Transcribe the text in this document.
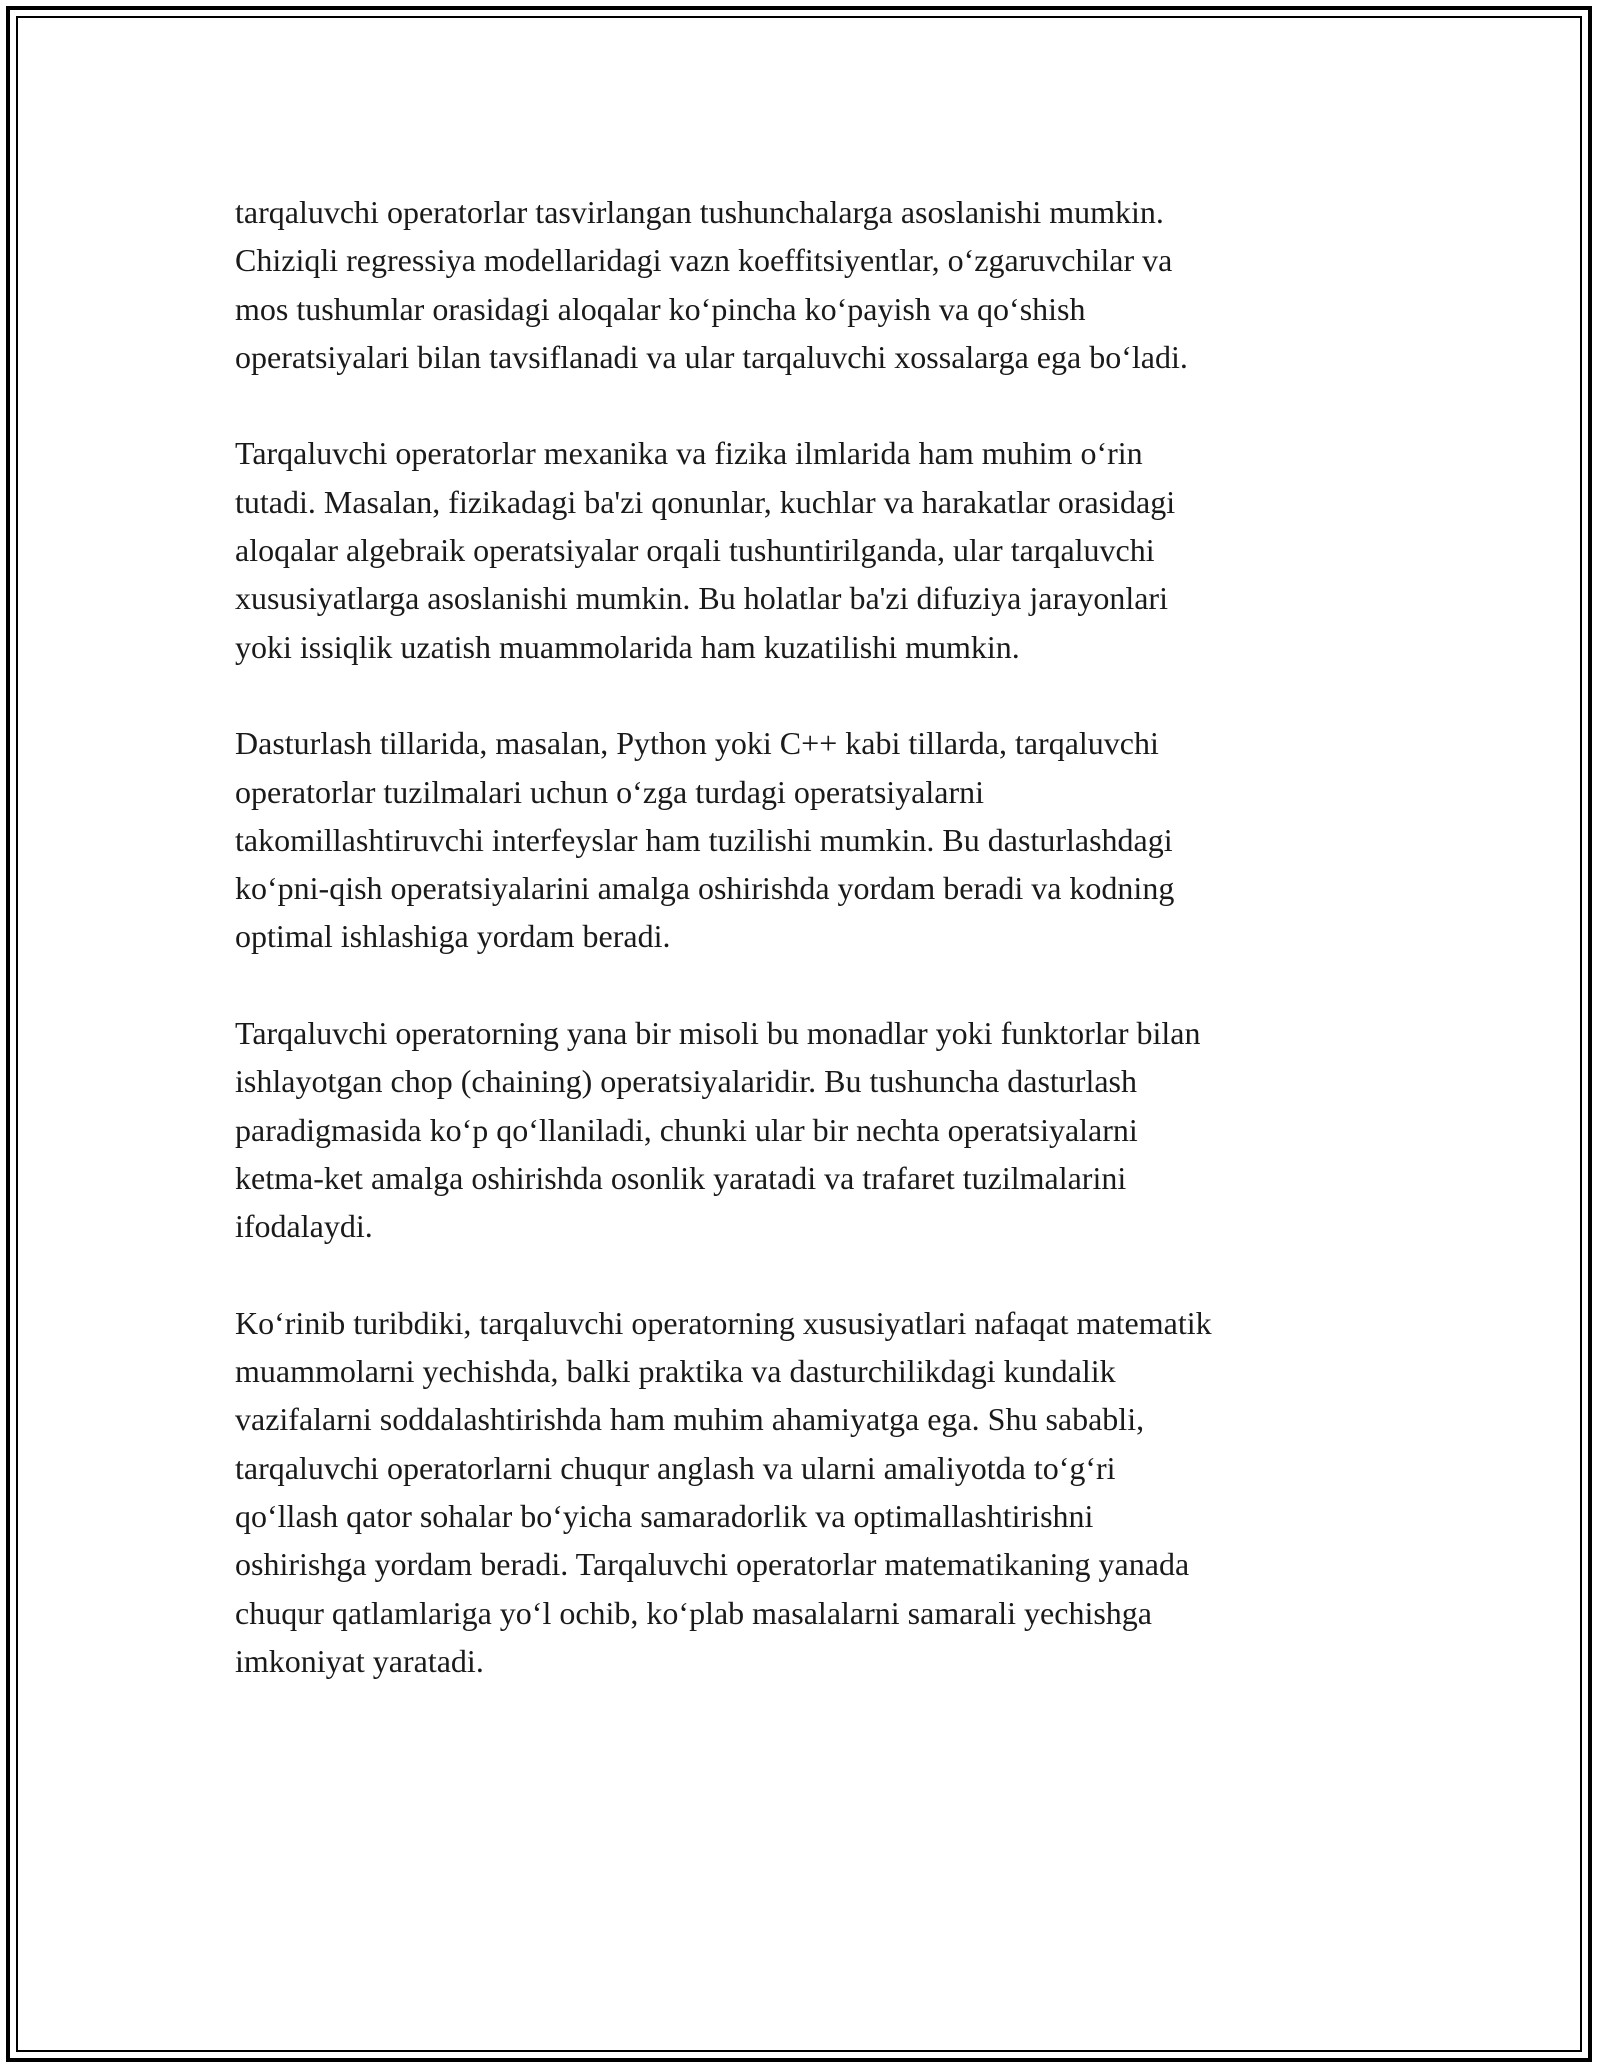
tarqaluvchi operatorlar tasvirlangan tushunchalarga asoslanishi mumkin.
Chiziqli regressiya modellaridagi vazn koeffitsiyentlar, o‘zgaruvchilar va
mos tushumlar orasidagi aloqalar ko‘pincha ko‘payish va qo‘shish
operatsiyalari bilan tavsiflanadi va ular tarqaluvchi xossalarga ega bo‘ladi.

Tarqaluvchi operatorlar mexanika va fizika ilmlarida ham muhim o‘rin
tutadi. Masalan, fizikadagi ba'zi qonunlar, kuchlar va harakatlar orasidagi
aloqalar algebraik operatsiyalar orqali tushuntirilganda, ular tarqaluvchi
xususiyatlarga asoslanishi mumkin. Bu holatlar ba'zi difuziya jarayonlari
yoki issiqlik uzatish muammolarida ham kuzatilishi mumkin.

Dasturlash tillarida, masalan, Python yoki C++ kabi tillarda, tarqaluvchi
operatorlar tuzilmalari uchun o‘zga turdagi operatsiyalarni
takomillashtiruvchi interfeyslar ham tuzilishi mumkin. Bu dasturlashdagi
ko‘pni-qish operatsiyalarini amalga oshirishda yordam beradi va kodning
optimal ishlashiga yordam beradi.

Tarqaluvchi operatorning yana bir misoli bu monadlar yoki funktorlar bilan
ishlayotgan chop (chaining) operatsiyalaridir. Bu tushuncha dasturlash
paradigmasida ko‘p qo‘llaniladi, chunki ular bir nechta operatsiyalarni
ketma-ket amalga oshirishda osonlik yaratadi va trafaret tuzilmalarini
ifodalaydi.

Ko‘rinib turibdiki, tarqaluvchi operatorning xususiyatlari nafaqat matematik
muammolarni yechishda, balki praktika va dasturchilikdagi kundalik
vazifalarni soddalashtirishda ham muhim ahamiyatga ega. Shu sababli,
tarqaluvchi operatorlarni chuqur anglash va ularni amaliyotda to‘g‘ri
qo‘llash qator sohalar bo‘yicha samaradorlik va optimallashtirishni
oshirishga yordam beradi. Tarqaluvchi operatorlar matematikaning yanada
chuqur qatlamlariga yo‘l ochib, ko‘plab masalalarni samarali yechishga
imkoniyat yaratadi.
